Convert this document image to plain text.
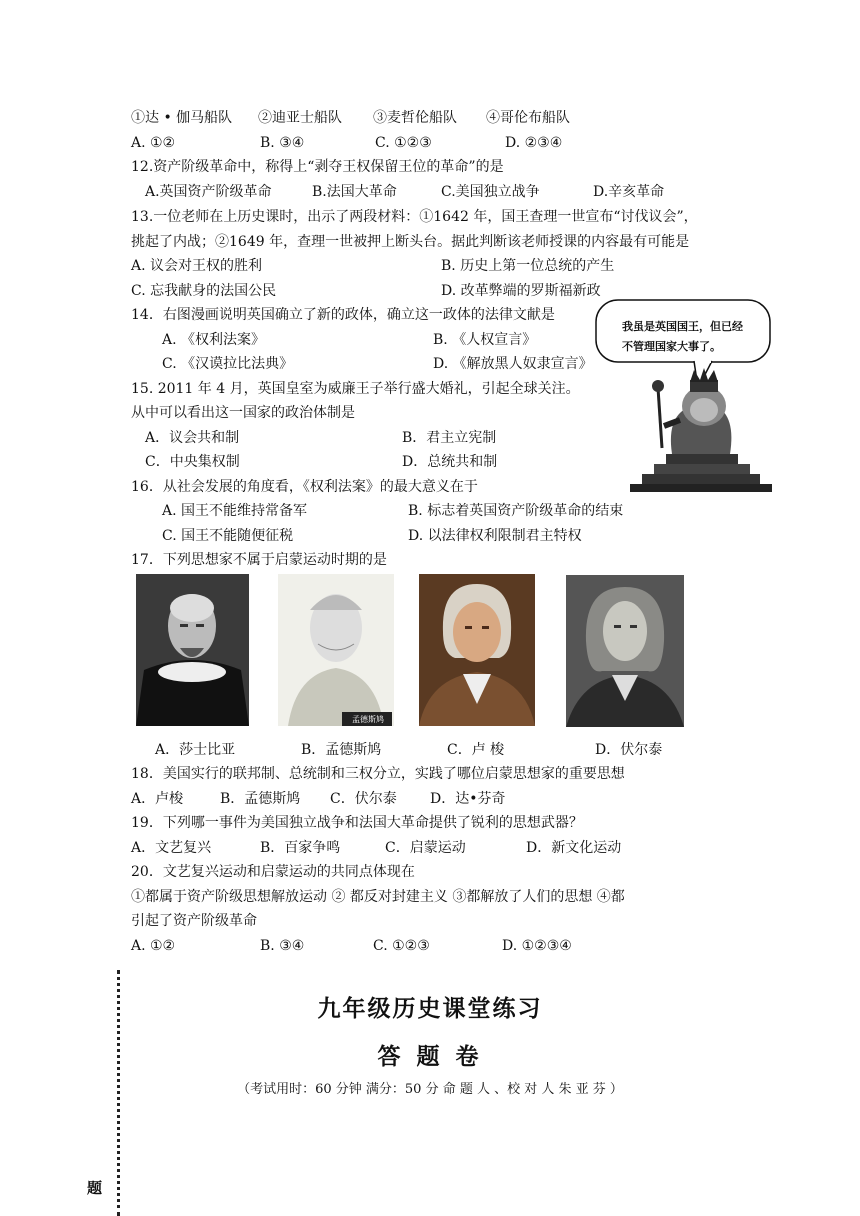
①达 • 伽马船队 ②迪亚士船队 ③麦哲伦船队 ④哥伦布船队
A. ①②	B. ③④	C. ①②③	D. ②③④
12.资产阶级革命中，称得上“剥夺王权保留王位的革命”的是
A.英国资产阶级革命	B.法国大革命	C.美国独立战争	D.辛亥革命
13.一位老师在上历史课时，出示了两段材料：①1642 年，国王查理一世宣布“讨伐议会”，
挑起了内战；②1649 年，查理一世被押上断头台。据此判断该老师授课的内容最有可能是
A. 议会对王权的胜利	B. 历史上第一位总统的产生
C. 忘我献身的法国公民	D. 改革弊端的罗斯福新政
14．右图漫画说明英国确立了新的政体，确立这一政体的法律文献是
A. 《权利法案》	B. 《人权宣言》
C. 《汉谟拉比法典》	D. 《解放黑人奴隶宣言》
我虽是英国国王，但已经
不管理国家大事了。
15. 2011 年 4 月，英国皇室为威廉王子举行盛大婚礼，引起全球关注。
从中可以看出这一国家的政治体制是
A．议会共和制	B．君主立宪制
C．中央集权制	D．总统共和制
16．从社会发展的角度看，《权利法案》的最大意义在于
A. 国王不能维持常备军	B. 标志着英国资产阶级革命的结束
C. 国王不能随便征税	D. 以法律权利限制君主特权
17．下列思想家不属于启蒙运动时期的是
孟德斯鸠
A．莎士比亚	B．孟德斯鸠	C．卢 梭	D．伏尔泰
18．美国实行的联邦制、总统制和三权分立，实践了哪位启蒙思想家的重要思想
A．卢梭	B．孟德斯鸠 C．伏尔泰 D．达•芬奇
19．下列哪一事件为美国独立战争和法国大革命提供了锐利的思想武器？
A．文艺复兴	B．百家争鸣	C．启蒙运动	D．新文化运动
20．文艺复兴运动和启蒙运动的共同点体现在
①都属于资产阶级思想解放运动 ② 都反对封建主义 ③都解放了人们的思想 ④都
引起了资产阶级革命
A. ①②	B. ③④	C. ①②③	D. ①②③④
题
九年级历史课堂练习
答 题 卷
（考试用时：60 分钟 满分：50 分 命 题 人 、校 对 人 朱 亚 芬 ）
